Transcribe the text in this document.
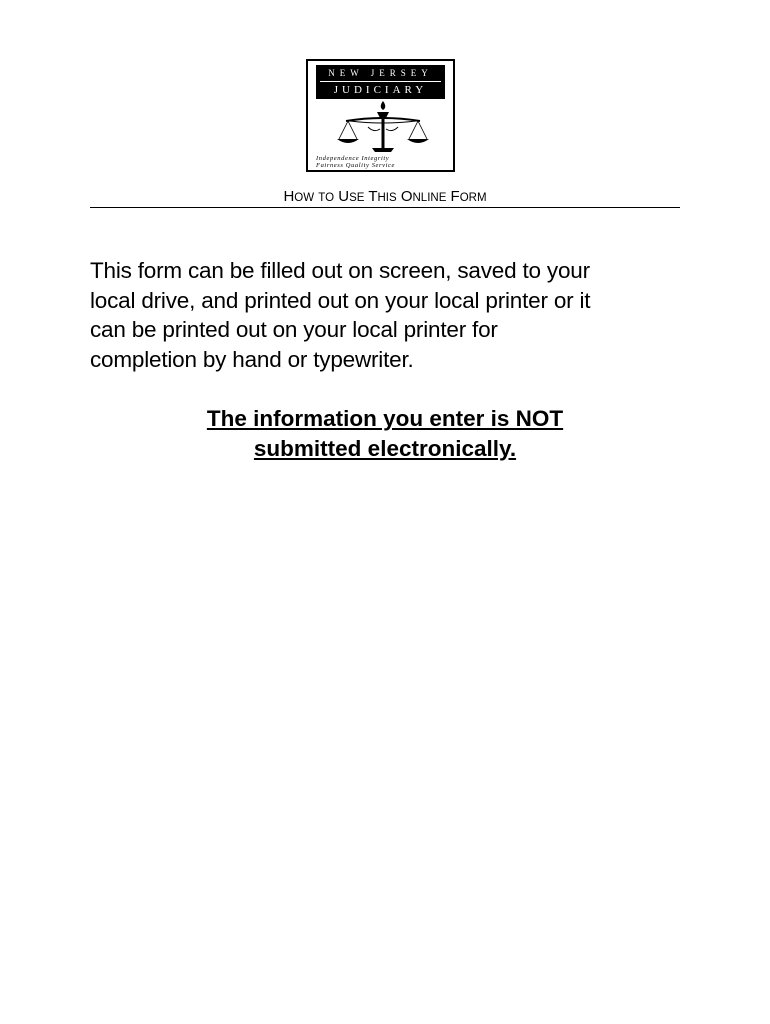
NEW JERSEY
JUDICIARY
Independence Integrity
Fairness Quality Service
HOW TO USE THIS ONLINE FORM
This form can be filled out on screen, saved to your
local drive, and printed out on your local printer or it
can be printed out on your local printer for
completion by hand or typewriter.
The information you enter is NOT
submitted electronically.
